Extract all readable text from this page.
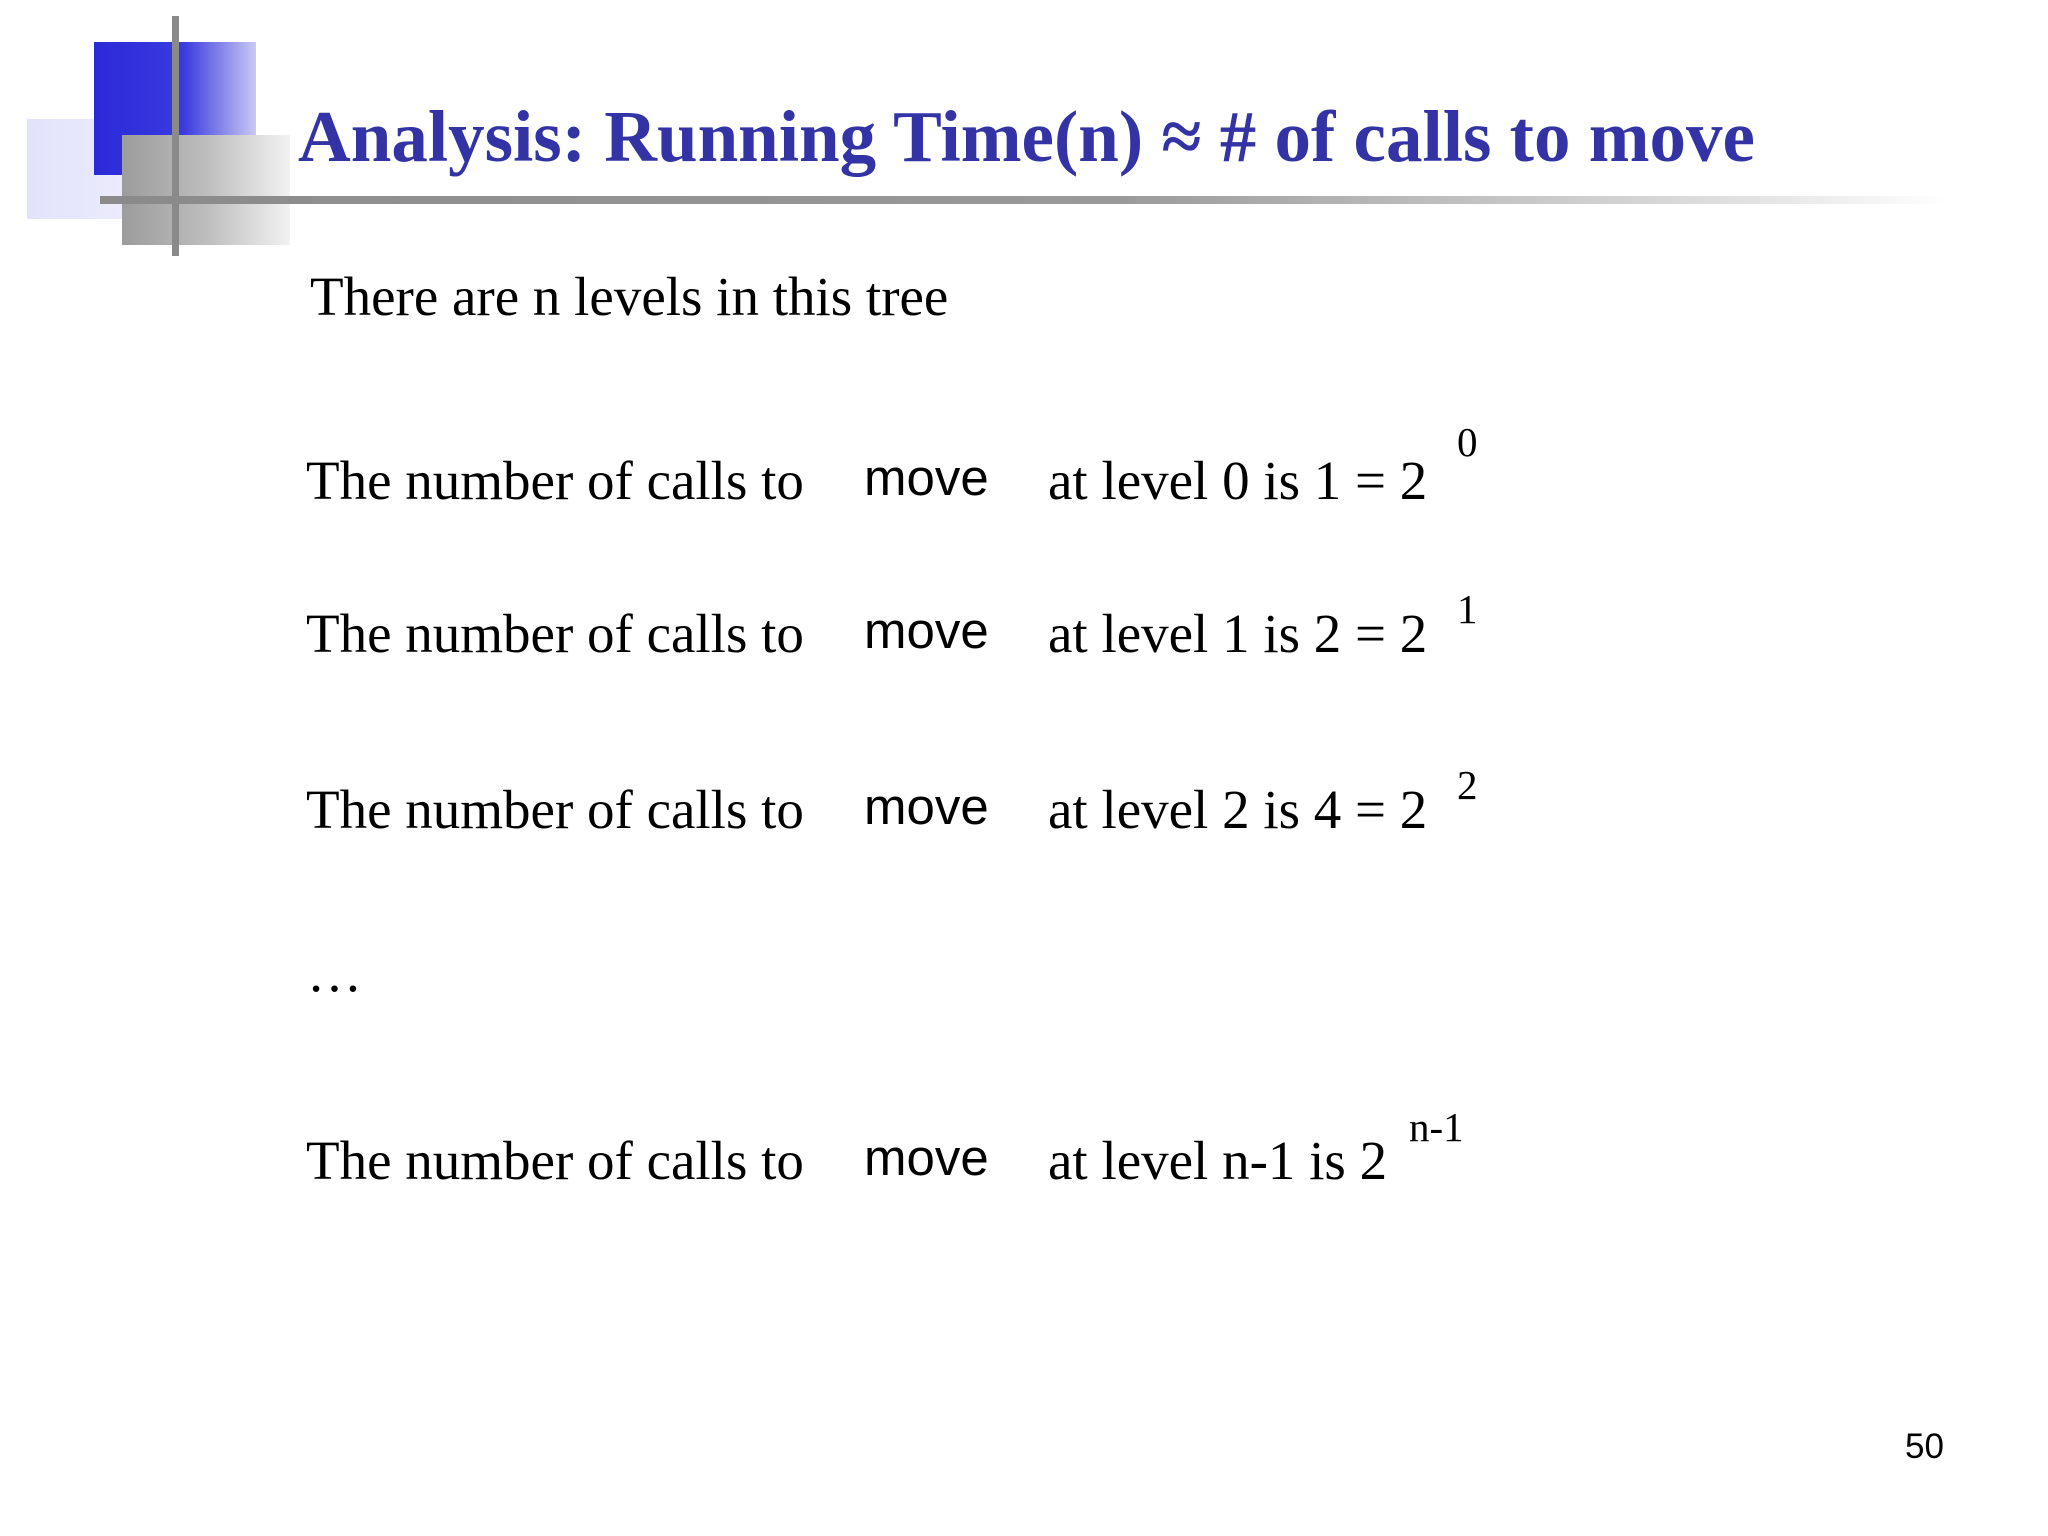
Analysis: Running Time(n) ≈ # of calls to move
There are n levels in this tree
The number of calls to move at level 0 is 1 = 2
0
The number of calls to move at level 1 is 2 = 2 1
The number of calls to move at level 2 is 4 = 2 2
…
The number of calls to move at level n-1 is 2
n-1
50
